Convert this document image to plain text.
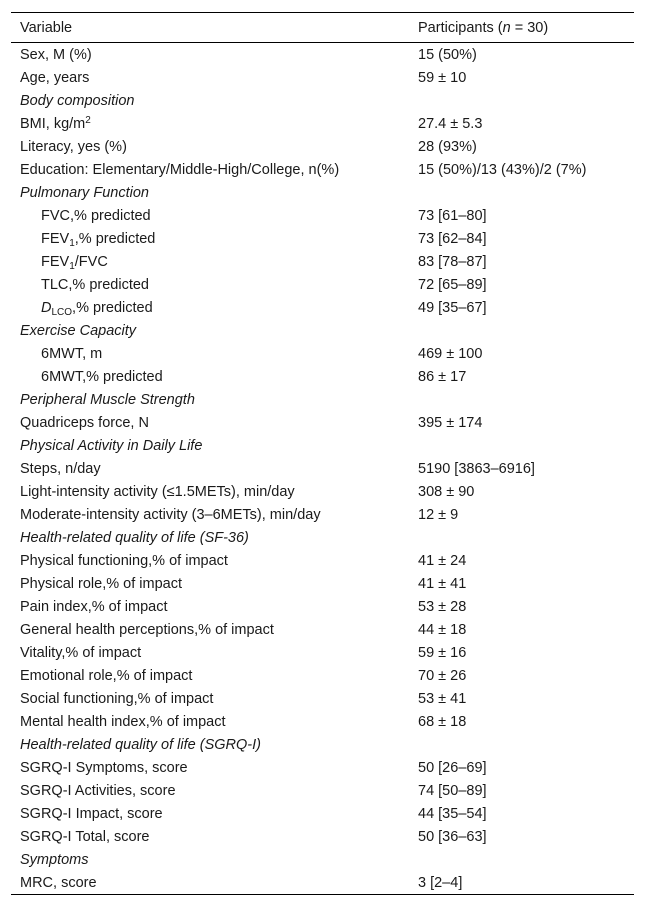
Variable	Participants (n = 30)
Sex, M (%)	15 (50%)
Age, years	59 ± 10
Body composition
BMI, $kg/m^2$	27.4 ± 5.3
Literacy, yes (%)	28 (93%)
Education: Elementary/Middle-High/College, n(%)	15 (50%)/13 (43%)/2 (7%)
Pulmonary Function
FVC,% predicted	73 [61–80]
$FEV_1,\%$ predicted	73 [62–84]
$FEV_1$/FVC	83 [78–87]
TLC,% predicted	72 [65–89]
$D_{LCO},\%$ predicted	49 [35–67]
Exercise Capacity
6MWT, m	469 ± 100
6MWT,% predicted	86 ± 17
Peripheral Muscle Strength
Quadriceps force, N	395 ± 174
Physical Activity in Daily Life
Steps, n/day	5190 [3863–6916]
Light-intensity activity (≤1.5METs), min/day	308 ± 90
Moderate-intensity activity (3–6METs), min/day	12 ± 9
Health-related quality of life (SF-36)
Physical functioning,% of impact	41 ± 24
Physical role,% of impact	41 ± 41
Pain index,% of impact	53 ± 28
General health perceptions,% of impact	44 ± 18
Vitality,% of impact	59 ± 16
Emotional role,% of impact	70 ± 26
Social functioning,% of impact	53 ± 41
Mental health index,% of impact	68 ± 18
Health-related quality of life (SGRQ-I)
SGRQ-I Symptoms, score	50 [26–69]
SGRQ-I Activities, score	74 [50–89]
SGRQ-I Impact, score	44 [35–54]
SGRQ-I Total, score	50 [36–63]
Symptoms
MRC, score	3 [2–4]
